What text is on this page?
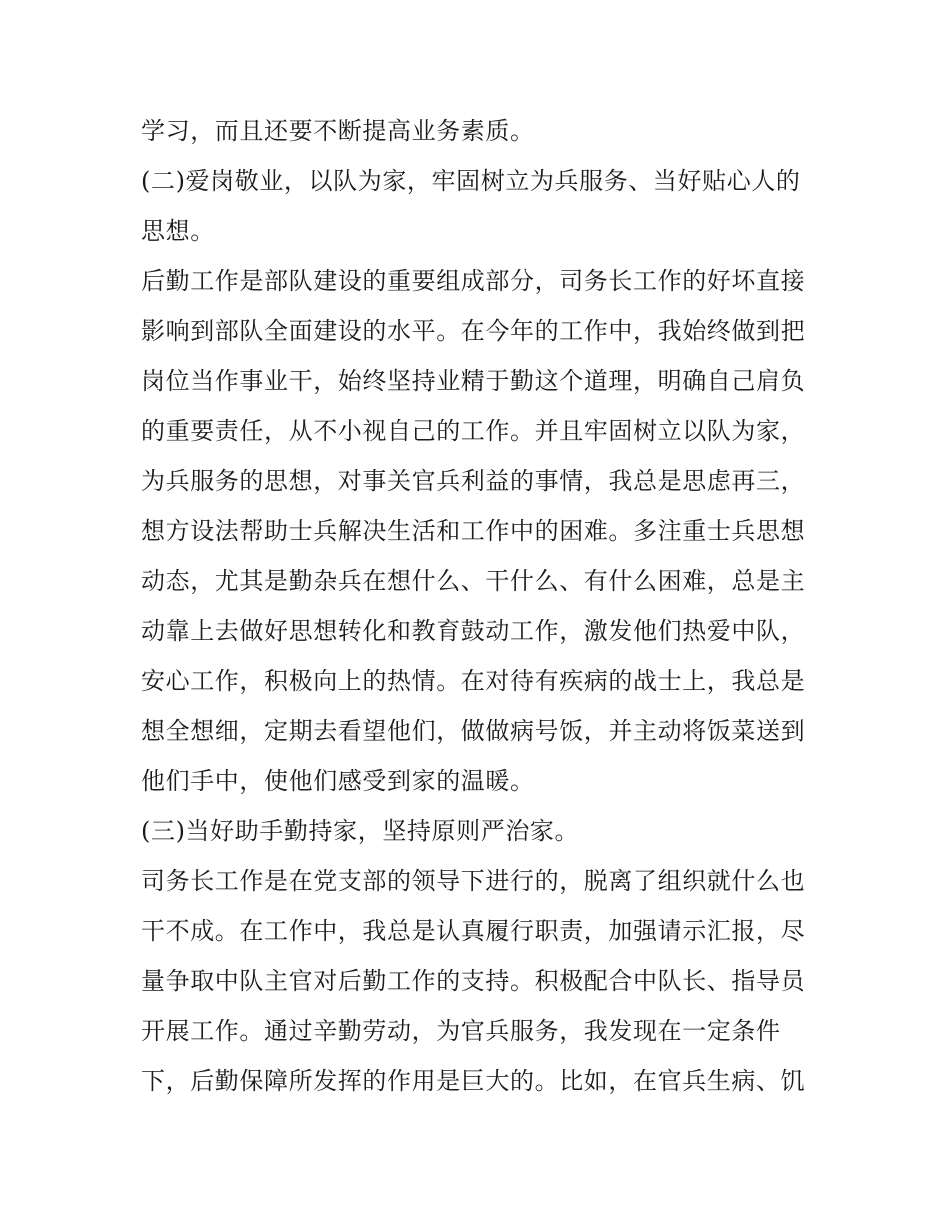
学习，而且还要不断提高业务素质。

(二)爱岗敬业，以队为家，牢固树立为兵服务、当好贴心人的

思想。

后勤工作是部队建设的重要组成部分，司务长工作的好坏直接

影响到部队全面建设的水平。在今年的工作中，我始终做到把

岗位当作事业干，始终坚持业精于勤这个道理，明确自己肩负

的重要责任，从不小视自己的工作。并且牢固树立以队为家，

为兵服务的思想，对事关官兵利益的事情，我总是思虑再三，

想方设法帮助士兵解决生活和工作中的困难。多注重士兵思想

动态，尤其是勤杂兵在想什么、干什么、有什么困难，总是主

动靠上去做好思想转化和教育鼓动工作，激发他们热爱中队，

安心工作，积极向上的热情。在对待有疾病的战士上，我总是

想全想细，定期去看望他们，做做病号饭，并主动将饭菜送到

他们手中，使他们感受到家的温暖。

(三)当好助手勤持家，坚持原则严治家。

司务长工作是在党支部的领导下进行的，脱离了组织就什么也

干不成。在工作中，我总是认真履行职责，加强请示汇报，尽

量争取中队主官对后勤工作的支持。积极配合中队长、指导员

开展工作。通过辛勤劳动，为官兵服务，我发现在一定条件

下，后勤保障所发挥的作用是巨大的。比如，在官兵生病、饥
